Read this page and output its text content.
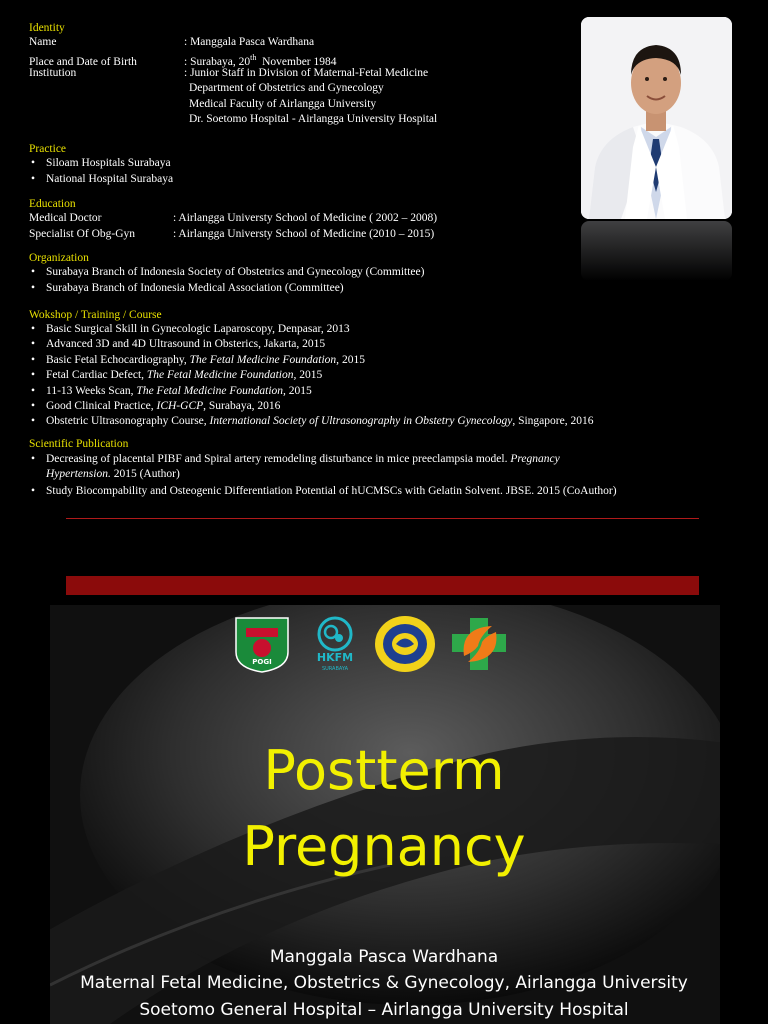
Identity
Name	: Manggala Pasca Wardhana
Place and Date of Birth	: Surabaya, 20th  November 1984
Institution	: Junior Staff in Division of Maternal-Fetal Medicine
Department of Obstetrics and Gynecology
Medical Faculty of Airlangga University
Dr. Soetomo Hospital - Airlangga University Hospital
Practice
• Siloam Hospitals Surabaya
• National Hospital Surabaya
Education
Medical Doctor	: Airlangga Universty School of Medicine ( 2002 – 2008)
Specialist Of Obg-Gyn	: Airlangga Universty School of Medicine (2010 – 2015)
Organization
• Surabaya Branch of Indonesia Society of Obstetrics and Gynecology (Committee)
• Surabaya Branch of Indonesia Medical Association (Committee)
Wokshop / Training / Course
• Basic Surgical Skill in Gynecologic Laparoscopy, Denpasar, 2013
• Advanced 3D and 4D Ultrasound in Obsterics, Jakarta, 2015
• Basic Fetal Echocardiography, The Fetal Medicine Foundation, 2015
• Fetal Cardiac Defect, The Fetal Medicine Foundation, 2015
• 11-13 Weeks Scan, The Fetal Medicine Foundation, 2015
• Good Clinical Practice, ICH-GCP, Surabaya, 2016
• Obstetric Ultrasonography Course, International Society of Ultrasonography in Obstetry Gynecology, Singapore, 2016
Scientific Publication
• Decreasing of placental PIBF and Spiral artery remodeling disturbance in mice preeclampsia model. Pregnancy
Hypertension. 2015 (Author)
• Study Biocompability and Osteogenic Differentiation Potential of hUCMSCs with Gelatin Solvent. JBSE. 2015 (CoAuthor)
POGI	HKFM
SURABAYA
Postterm
Pregnancy
Manggala Pasca Wardhana
Maternal Fetal Medicine, Obstetrics & Gynecology, Airlangga University
Soetomo General Hospital – Airlangga University Hospital
